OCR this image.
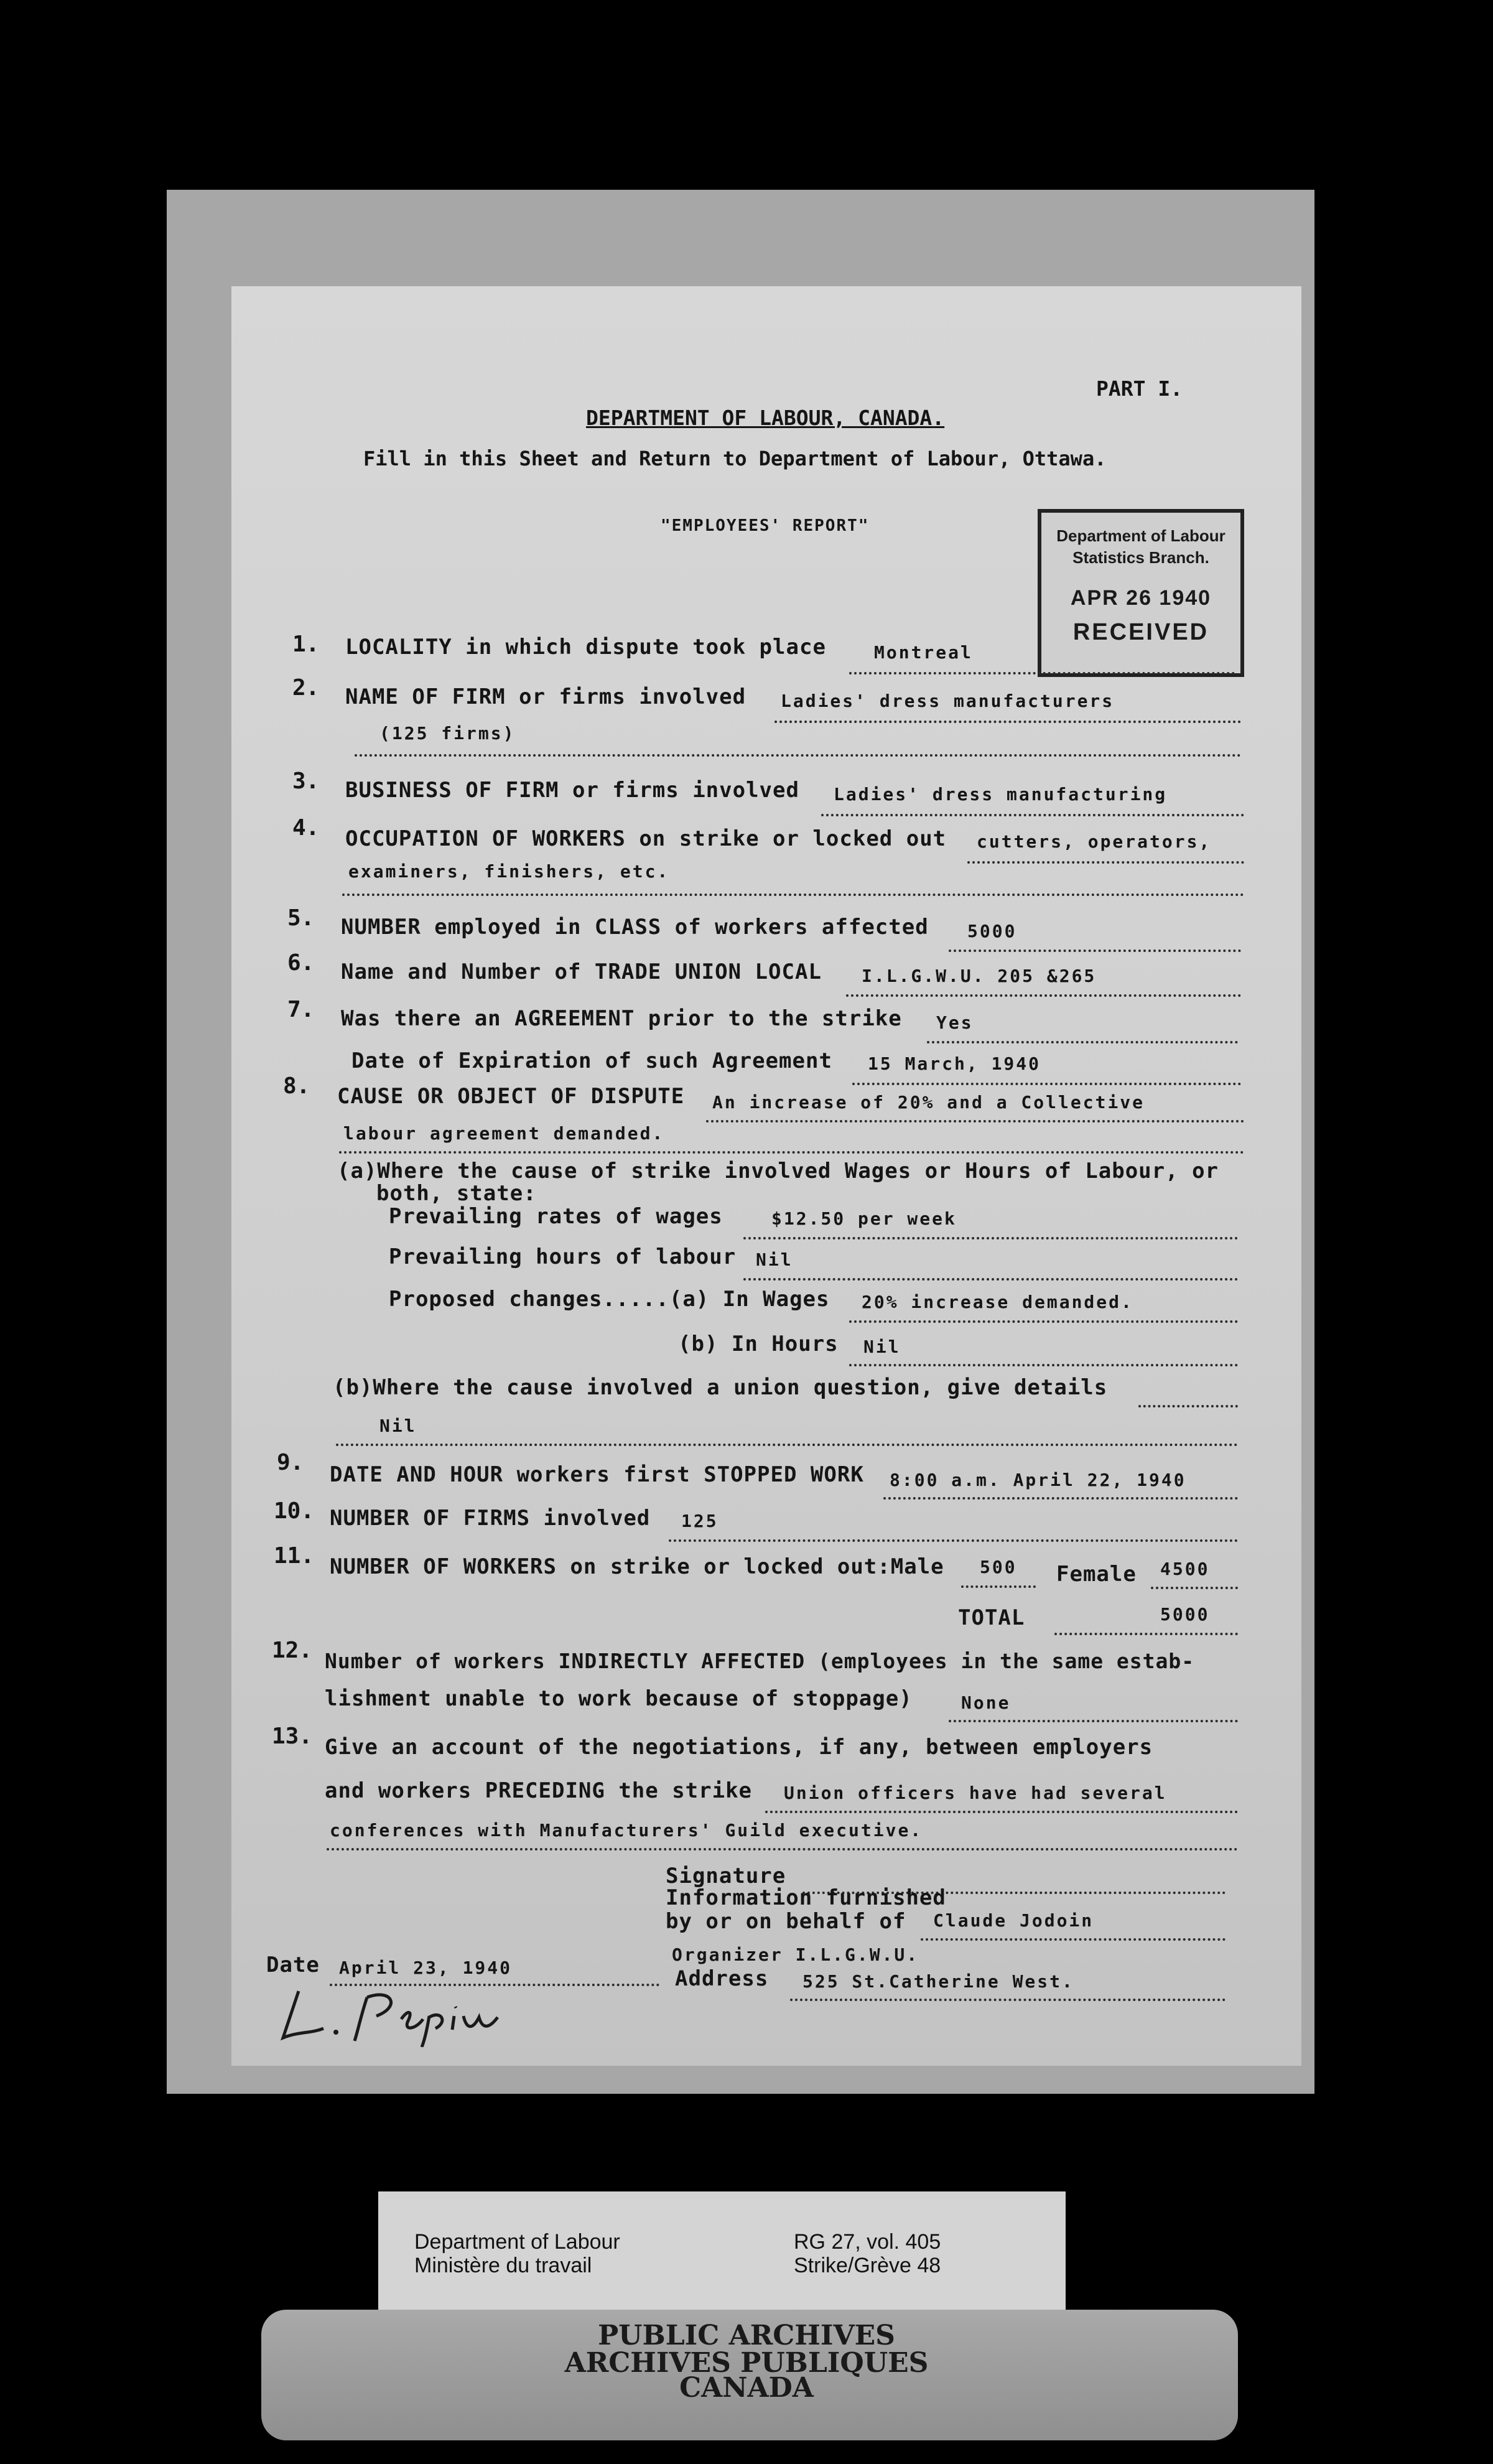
PART I.
DEPARTMENT OF LABOUR, CANADA.
Fill in this Sheet and Return to Department of Labour, Ottawa.
"EMPLOYEES' REPORT"
Department of Labour
Statistics Branch.
APR 26 1940
RECEIVED
1. LOCALITY in which dispute took place	Montreal
2. NAME OF FIRM or firms involved Ladies' dress manufacturers
(125 firms)
3. BUSINESS OF FIRM or firms involved Ladies' dress manufacturing
4. OCCUPATION OF WORKERS on strike or locked out cutters, operators,
examiners, finishers, etc.
5. NUMBER employed in CLASS of workers affected 5000
6. Name and Number of TRADE UNION LOCAL I.L.G.W.U. 205 &265
7. Was there an AGREEMENT prior to the strike Yes
Date of Expiration of such Agreement 15 March, 1940
8. CAUSE OR OBJECT OF DISPUTE An increase of 20% and a Collective
labour agreement demanded.
(a)Where the cause of strike involved Wages or Hours of Labour, or
both, state:
Prevailing rates of wages	$12.50 per week
Prevailing hours of labour Nil
Proposed changes.....(a) In Wages 20% increase demanded.
(b) In Hours Nil
(b)Where the cause involved a union question, give details
Nil
9. DATE AND HOUR workers first STOPPED WORK 8:00 a.m. April 22, 1940
10. NUMBER OF FIRMS involved 125
11. NUMBER OF WORKERS on strike or locked out:Male 500 Female 4500
TOTAL	5000
12. Number of workers INDIRECTLY AFFECTED (employees in the same estab-
lishment unable to work because of stoppage)	None
13. Give an account of the negotiations, if any, between employers
and workers PRECEDING the strike Union officers have had several
conferences with Manufacturers' Guild executive.
Signature
Information furnished
by or on behalf of Claude Jodoin
Organizer I.L.G.W.U.
Address 525 St.Catherine West.
Date April 23, 1940
Department of Labour
Ministère du travail
RG 27, vol. 405
Strike/Grève 48
PUBLIC ARCHIVES
ARCHIVES PUBLIQUES
CANADA
